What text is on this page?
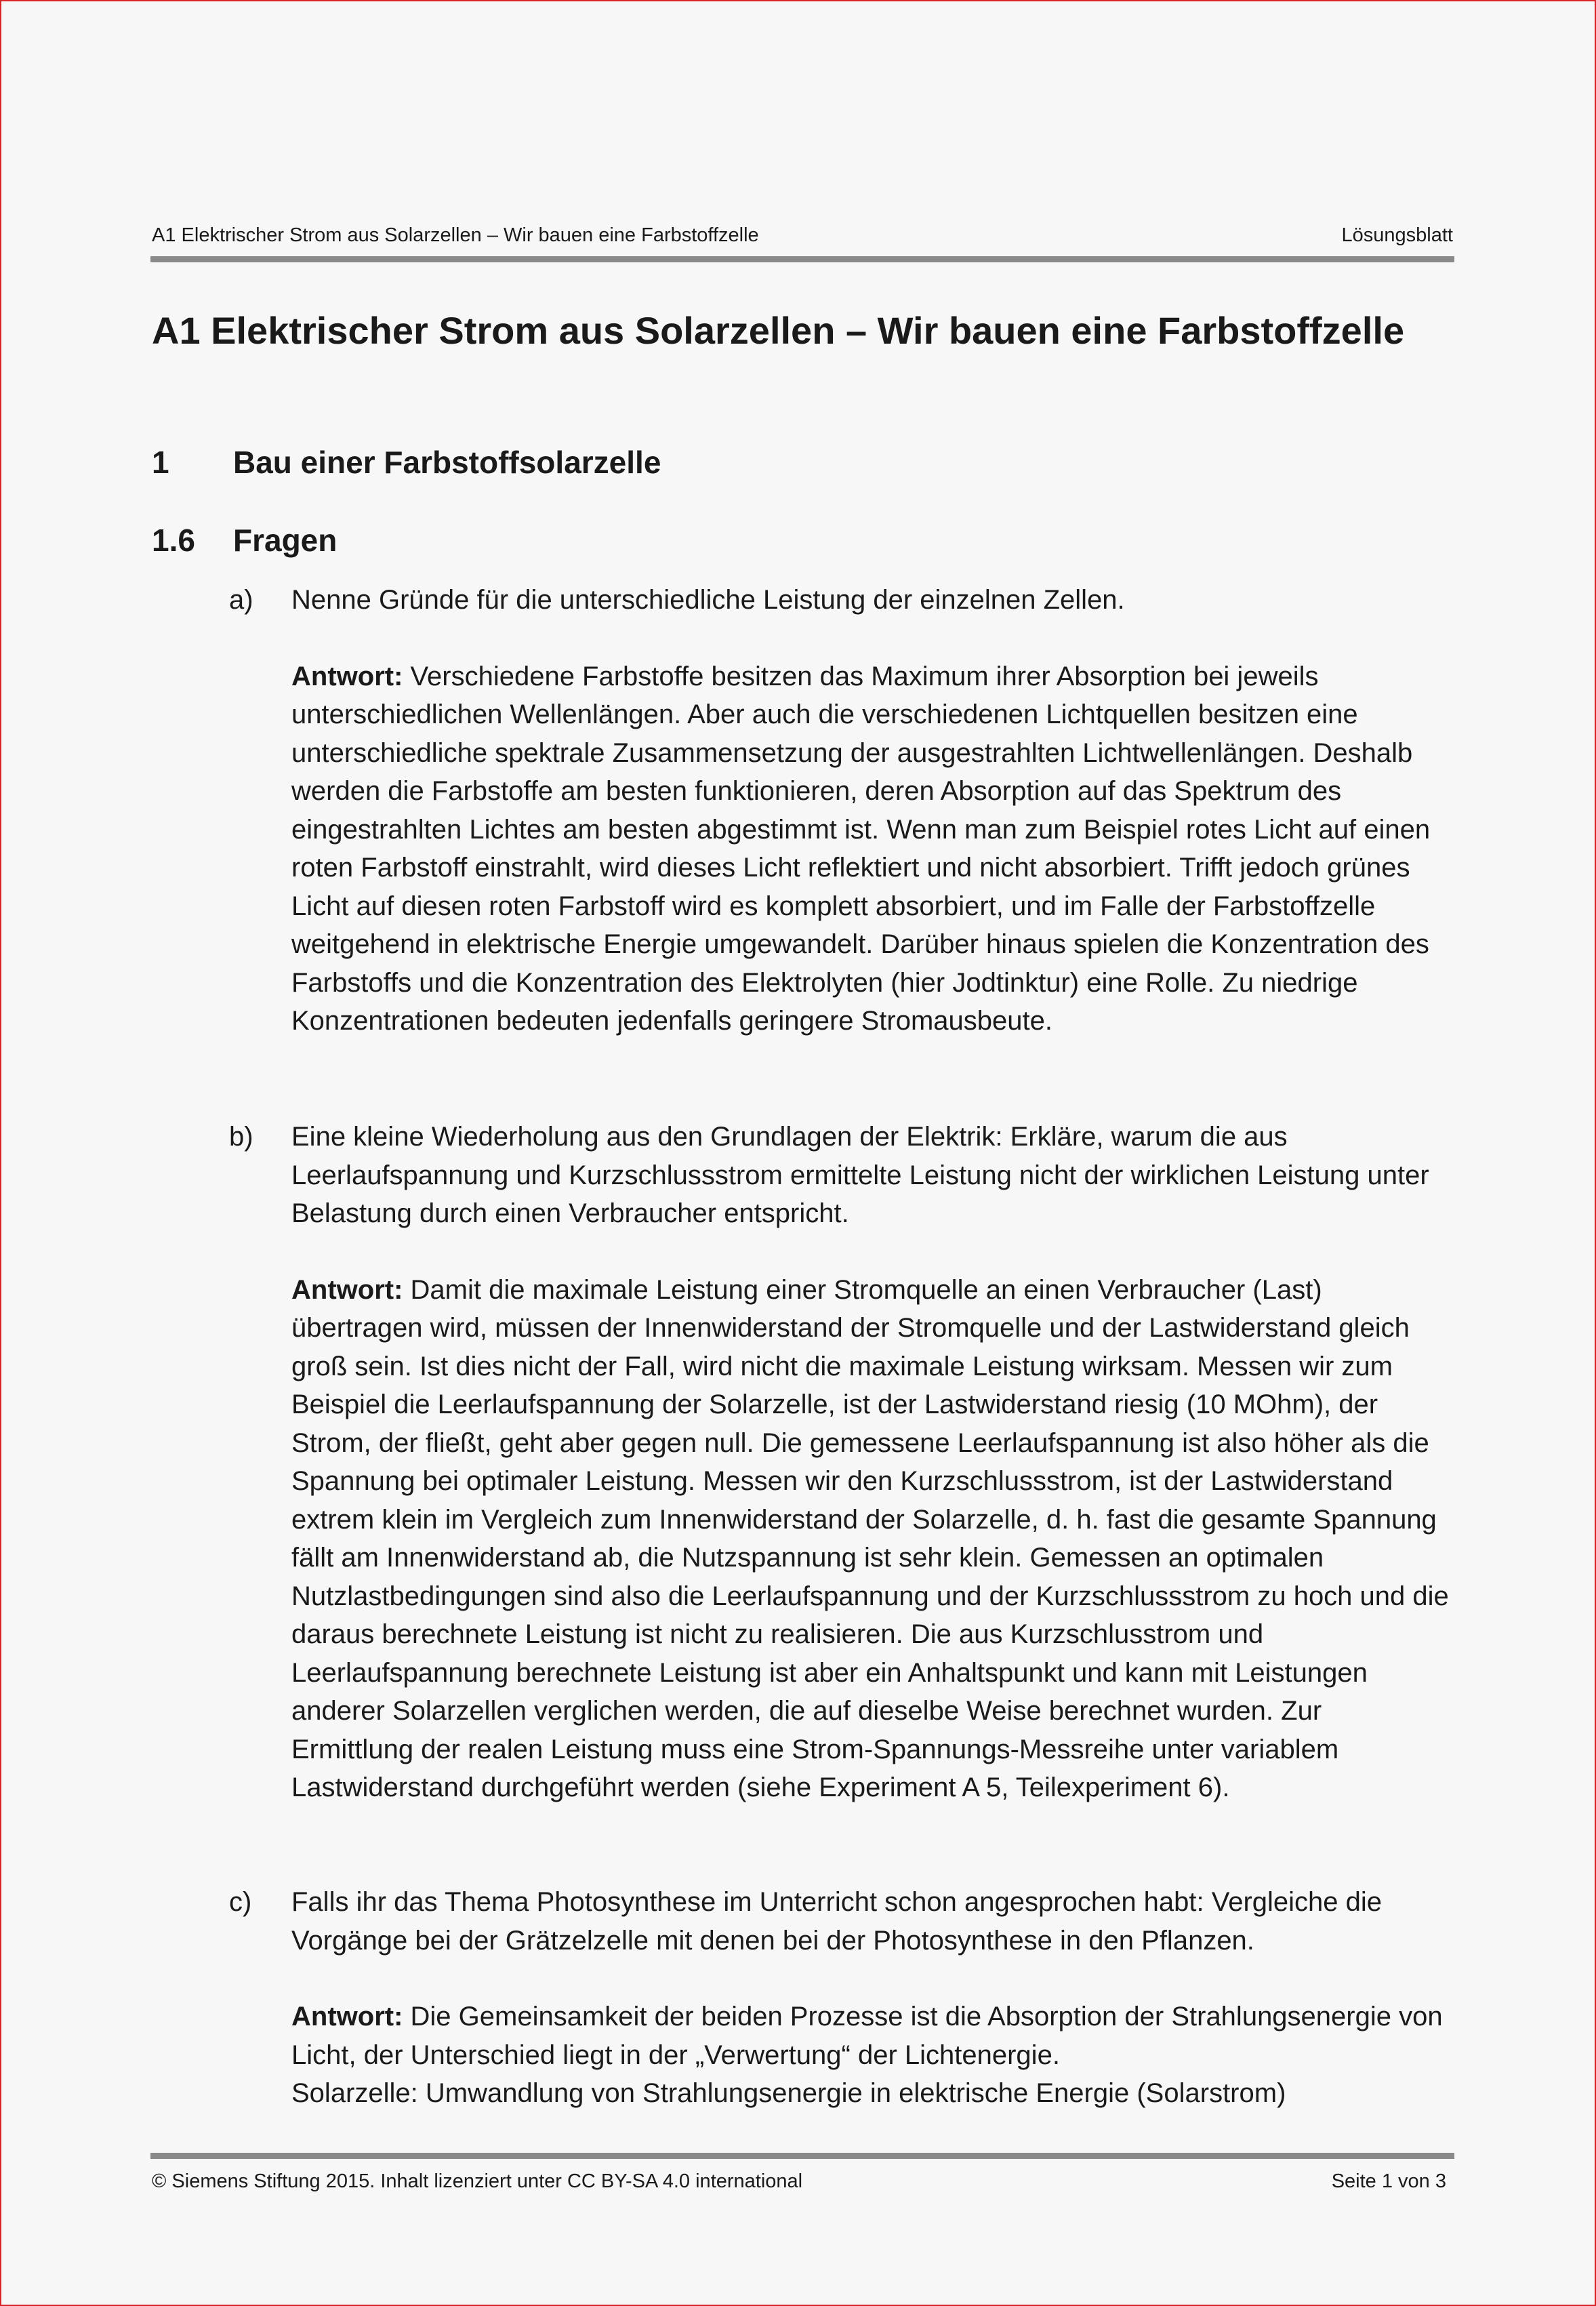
A1 Elektrischer Strom aus Solarzellen – Wir bauen eine Farbstoffzelle	Lösungsblatt
A1 Elektrischer Strom aus Solarzellen – Wir bauen eine Farbstoffzelle
1	Bau einer Farbstoffsolarzelle
1.6	Fragen
a)	Nenne Gründe für die unterschiedliche Leistung der einzelnen Zellen.

Antwort: Verschiedene Farbstoffe besitzen das Maximum ihrer Absorption bei jeweils unterschiedlichen Wellenlängen. Aber auch die verschiedenen Lichtquellen besitzen eine unterschiedliche spektrale Zusammensetzung der ausgestrahlten Lichtwellenlängen. Deshalb werden die Farbstoffe am besten funktionieren, deren Absorption auf das Spektrum des eingestrahlten Lichtes am besten abgestimmt ist. Wenn man zum Beispiel rotes Licht auf einen roten Farbstoff einstrahlt, wird dieses Licht reflektiert und nicht absorbiert. Trifft jedoch grünes Licht auf diesen roten Farbstoff wird es komplett absorbiert, und im Falle der Farbstoffzelle weitgehend in elektrische Energie umgewandelt. Darüber hinaus spielen die Konzentration des Farbstoffs und die Konzentration des Elektrolyten (hier Jodtinktur) eine Rolle. Zu niedrige Konzentrationen bedeuten jedenfalls geringere Stromausbeute.

b)	Eine kleine Wiederholung aus den Grundlagen der Elektrik: Erkläre, warum die aus Leerlaufspannung und Kurzschlussstrom ermittelte Leistung nicht der wirklichen Leistung unter Belastung durch einen Verbraucher entspricht.

Antwort: Damit die maximale Leistung einer Stromquelle an einen Verbraucher (Last) übertragen wird, müssen der Innenwiderstand der Stromquelle und der Lastwiderstand gleich groß sein. Ist dies nicht der Fall, wird nicht die maximale Leistung wirksam. Messen wir zum Beispiel die Leerlaufspannung der Solarzelle, ist der Lastwiderstand riesig (10 MOhm), der Strom, der fließt, geht aber gegen null. Die gemessene Leerlaufspannung ist also höher als die Spannung bei optimaler Leistung. Messen wir den Kurzschlussstrom, ist der Lastwiderstand extrem klein im Vergleich zum Innenwiderstand der Solarzelle, d. h. fast die gesamte Spannung fällt am Innenwiderstand ab, die Nutzspannung ist sehr klein. Gemessen an optimalen Nutzlastbedingungen sind also die Leerlaufspannung und der Kurzschlussstrom zu hoch und die daraus berechnete Leistung ist nicht zu realisieren. Die aus Kurzschlusstrom und Leerlaufspannung berechnete Leistung ist aber ein Anhaltspunkt und kann mit Leistungen anderer Solarzellen verglichen werden, die auf dieselbe Weise berechnet wurden. Zur Ermittlung der realen Leistung muss eine Strom-Spannungs-Messreihe unter variablem Lastwiderstand durchgeführt werden (siehe Experiment A 5, Teilexperiment 6).

c)	Falls ihr das Thema Photosynthese im Unterricht schon angesprochen habt: Vergleiche die Vorgänge bei der Grätzelzelle mit denen bei der Photosynthese in den Pflanzen.

Antwort: Die Gemeinsamkeit der beiden Prozesse ist die Absorption der Strahlungsenergie von Licht, der Unterschied liegt in der „Verwertung“ der Lichtenergie.
Solarzelle: Umwandlung von Strahlungsenergie in elektrische Energie (Solarstrom)

© Siemens Stiftung 2015. Inhalt lizenziert unter CC BY-SA 4.0 international	Seite 1 von 3
